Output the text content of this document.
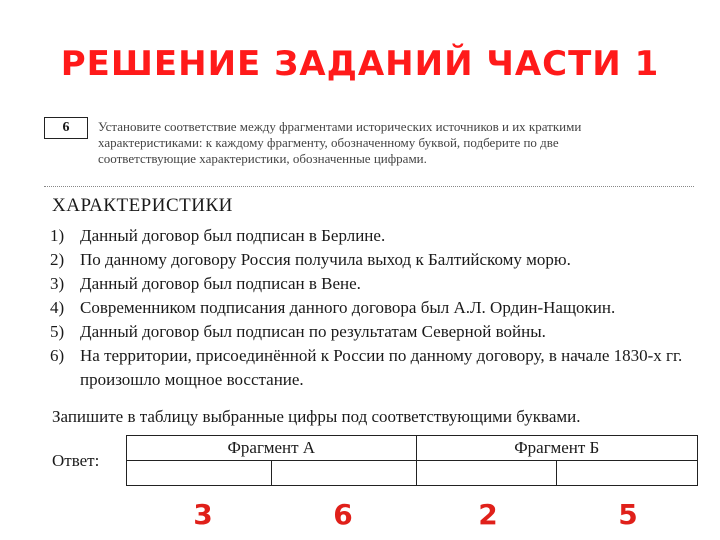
РЕШЕНИЕ ЗАДАНИЙ ЧАСТИ 1
6	Установите соответствие между фрагментами исторических источников и их краткими характеристиками: к каждому фрагменту, обозначенному буквой, подберите по две соответствующие характеристики, обозначенные цифрами.
ХАРАКТЕРИСТИКИ
1) Данный договор был подписан в Берлине.
2) По данному договору Россия получила выход к Балтийскому морю.
3) Данный договор был подписан в Вене.
4) Современником подписания данного договора был А.Л. Ордин-Нащокин.
5) Данный договор был подписан по результатам Северной войны.
6) На территории, присоединённой к России по данному договору, в начале 1830-х гг. произошло мощное восстание.
Запишите в таблицу выбранные цифры под соответствующими буквами.
Ответ:
Фрагмент А		Фрагмент Б	

3	6	2	5
